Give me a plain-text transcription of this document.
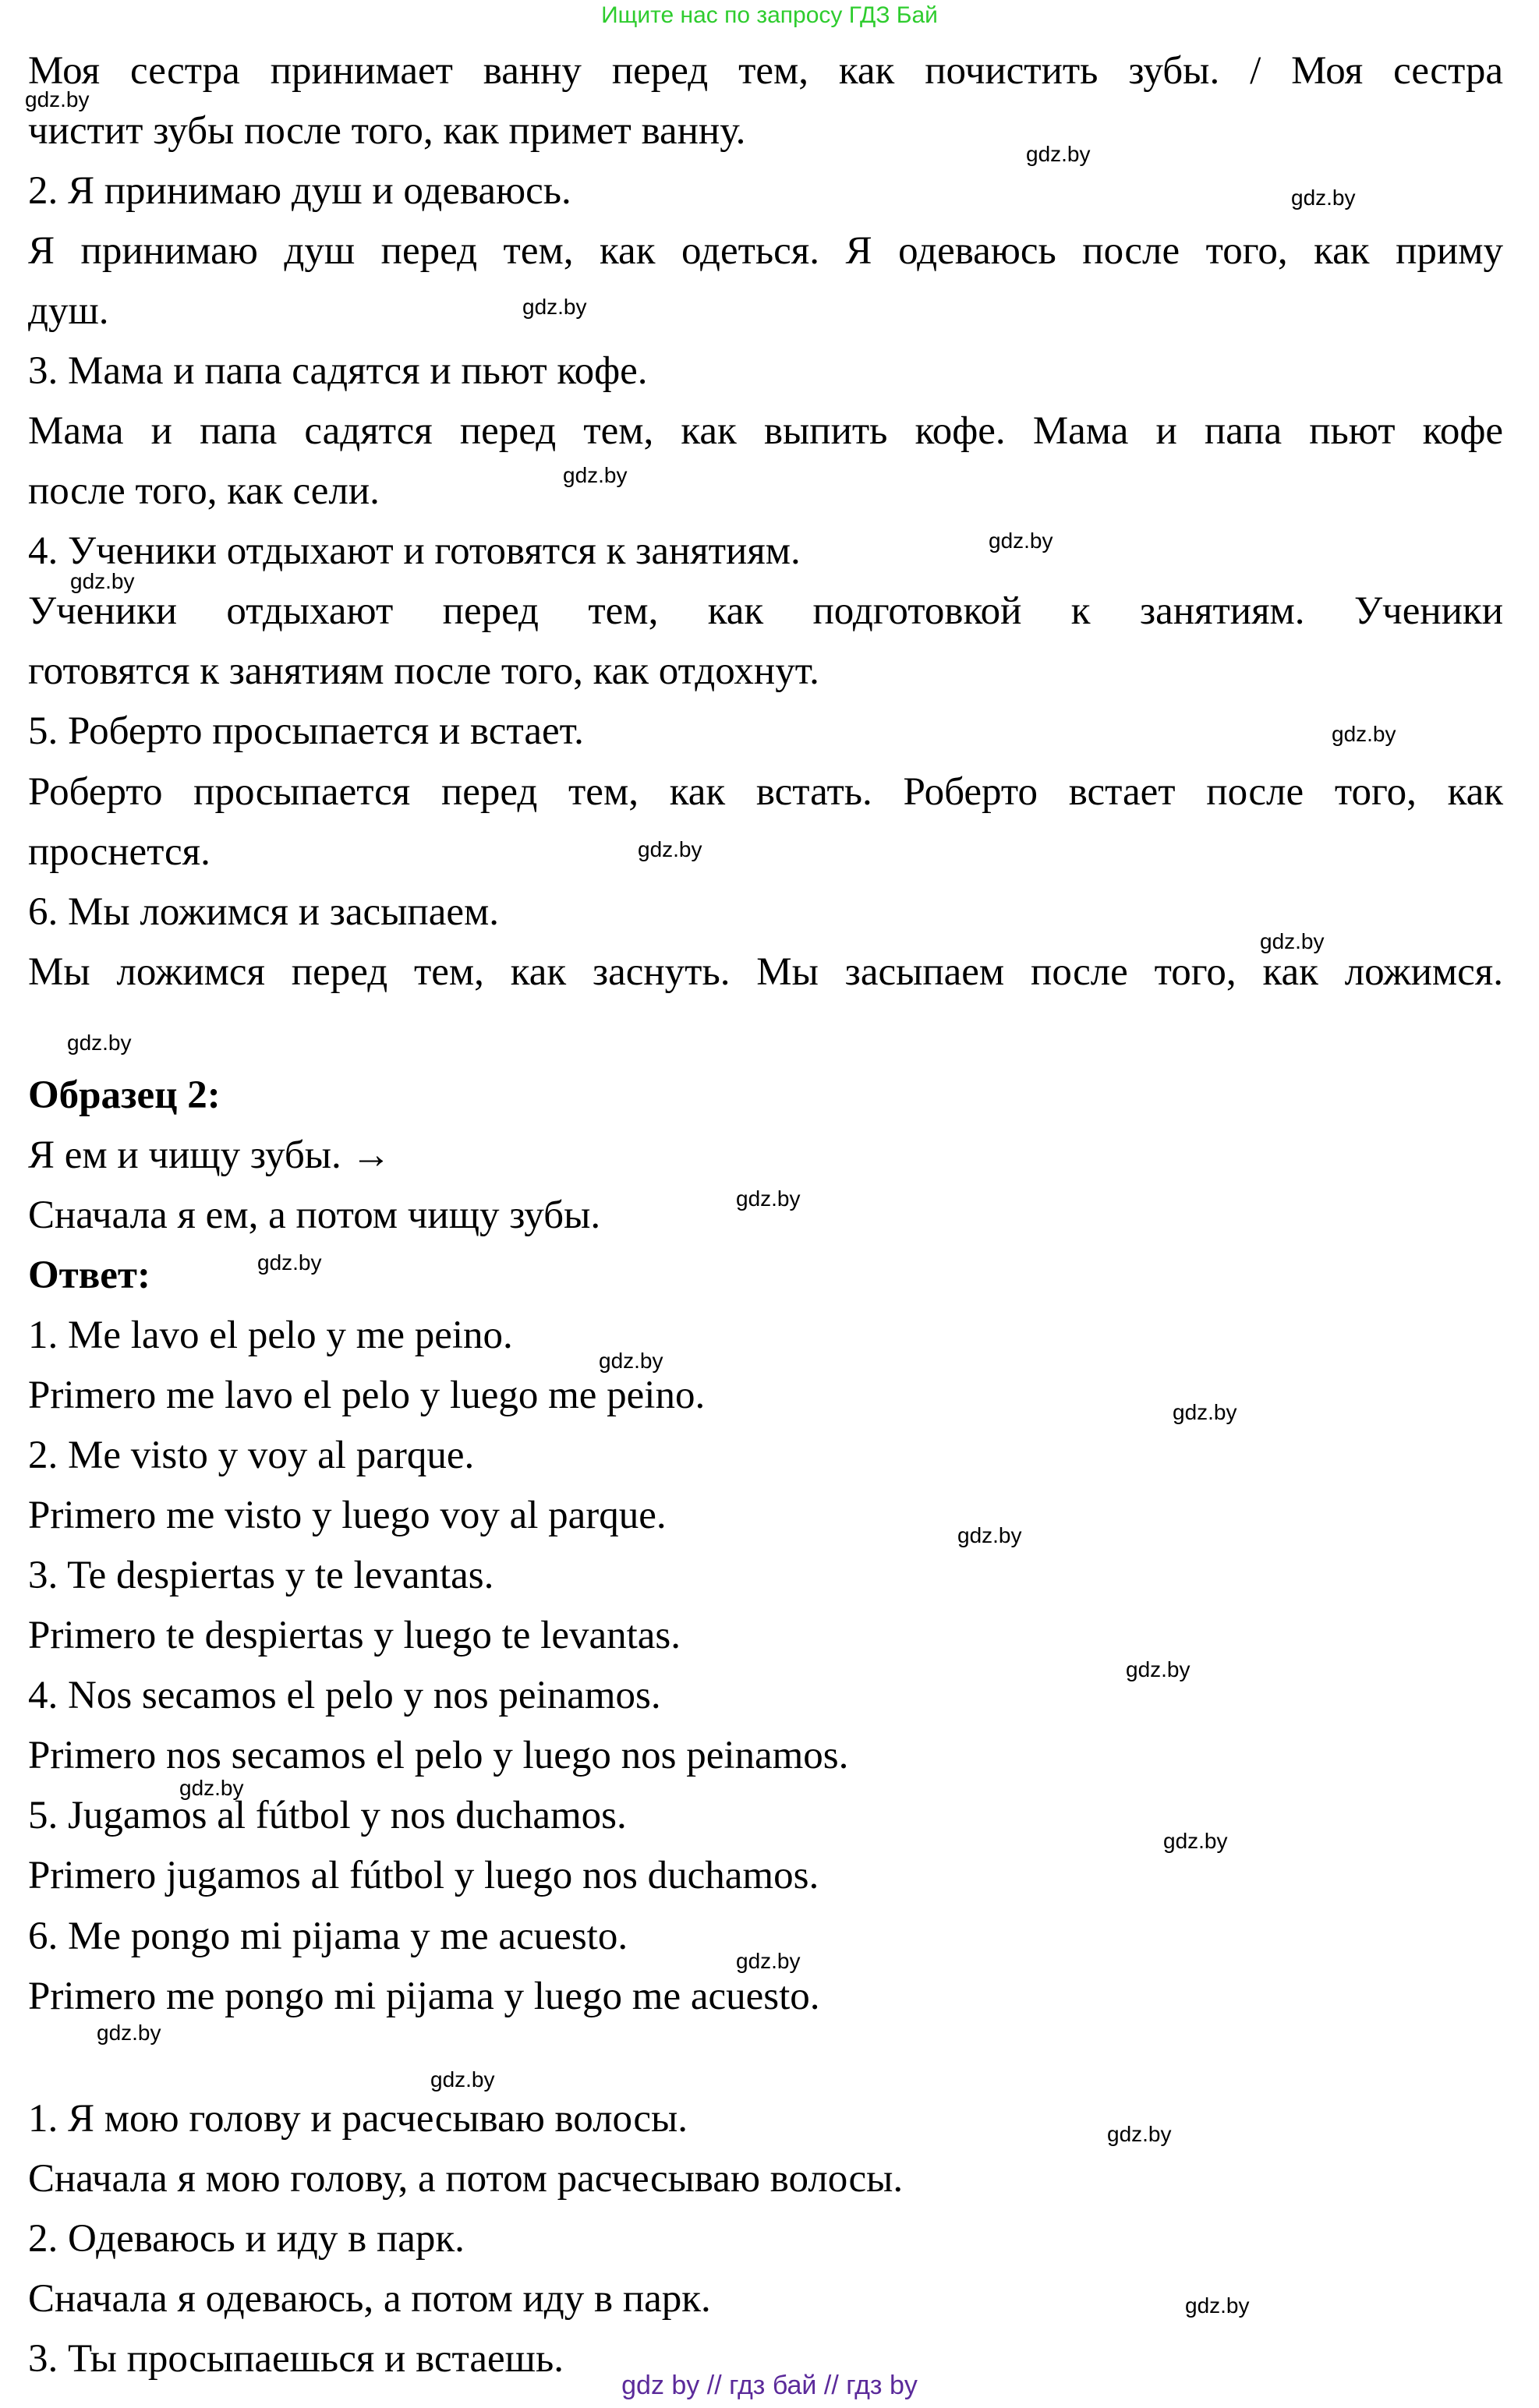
Ищите нас по запросу ГДЗ Бай
Моя сестра принимает ванну перед тем, как почистить зубы. / Моя сестра
чистит зубы после того, как примет ванну.
2. Я принимаю душ и одеваюсь.
Я принимаю душ перед тем, как одеться. Я одеваюсь после того, как приму
душ.
3. Мама и папа садятся и пьют кофе.
Мама и папа садятся перед тем, как выпить кофе. Мама и папа пьют кофе
после того, как сели.
4. Ученики отдыхают и готовятся к занятиям.
Ученики отдыхают перед тем, как подготовкой к занятиям. Ученики
готовятся к занятиям после того, как отдохнут.
5. Роберто просыпается и встает.
Роберто просыпается перед тем, как встать. Роберто встает после того, как
проснется.
6. Мы ложимся и засыпаем.
Мы ложимся перед тем, как заснуть. Мы засыпаем после того, как ложимся.
Образец 2:
Я ем и чищу зубы. →
Сначала я ем, а потом чищу зубы.
Ответ:
1. Me lavo el pelo y me peino.
Primero me lavo el pelo y luego me peino.
2. Me visto y voy al parque.
Primero me visto y luego voy al parque.
3. Te despiertas y te levantas.
Primero te despiertas y luego te levantas.
4. Nos secamos el pelo y nos peinamos.
Primero nos secamos el pelo y luego nos peinamos.
5. Jugamos al fútbol y nos duchamos.
Primero jugamos al fútbol y luego nos duchamos.
6. Me pongo mi pijama y me acuesto.
Primero me pongo mi pijama y luego me acuesto.
1. Я мою голову и расчесываю волосы.
Сначала я мою голову, а потом расчесываю волосы.
2. Одеваюсь и иду в парк.
Сначала я одеваюсь, а потом иду в парк.
3. Ты просыпаешься и встаешь.
gdz.by
gdz.by
gdz.by
gdz.by
gdz.by
gdz.by
gdz.by
gdz.by
gdz.by
gdz.by
gdz.by
gdz.by
gdz.by
gdz.by
gdz.by
gdz.by
gdz.by
gdz.by
gdz.by
gdz.by
gdz.by
gdz.by
gdz.by
gdz.by
gdz by // гдз бай // гдз by
